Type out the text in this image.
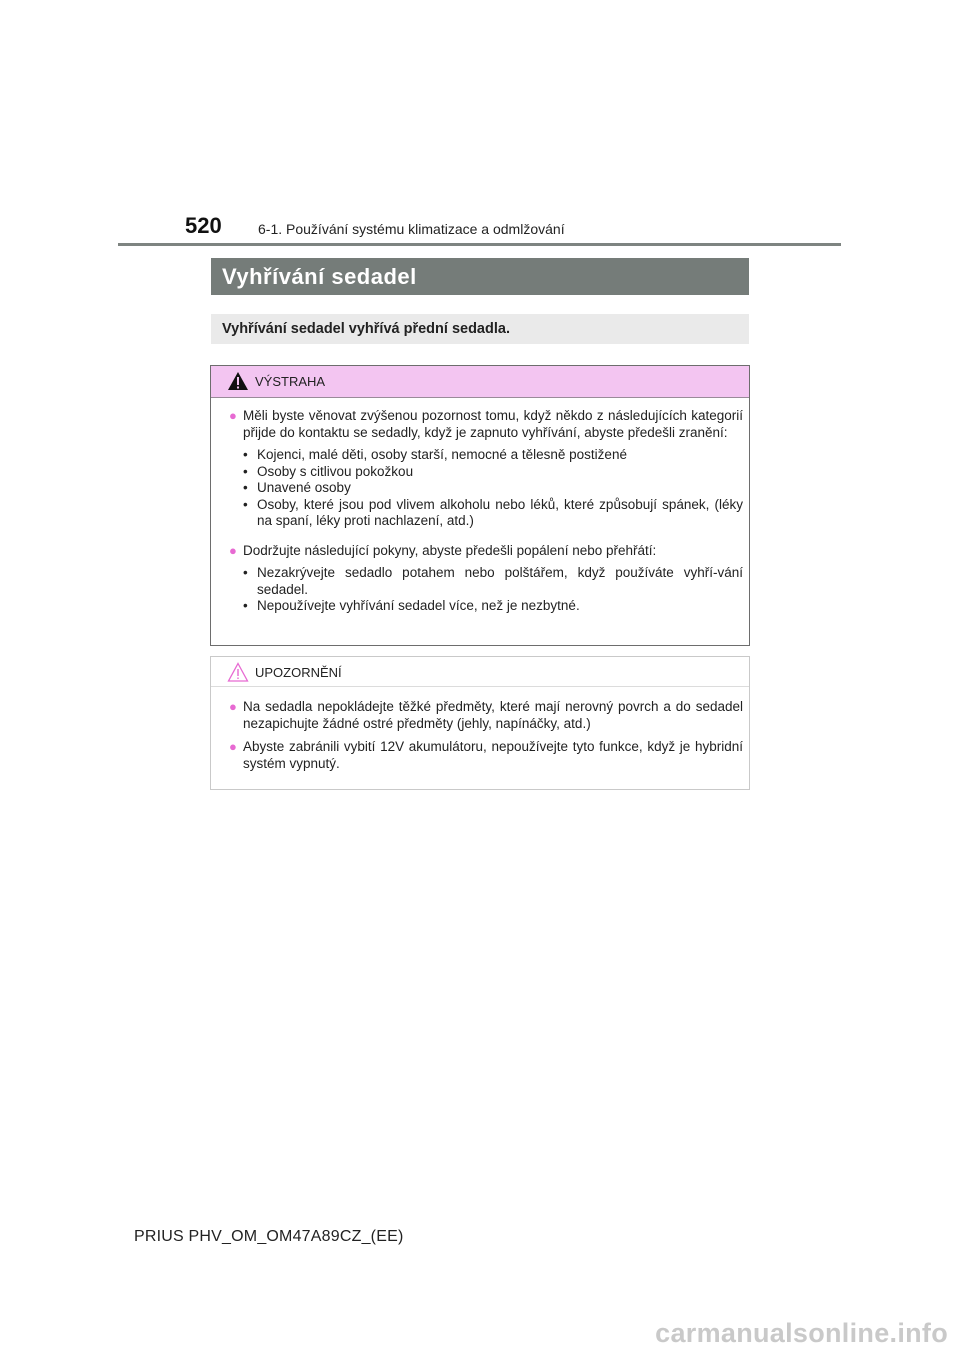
520	6-1. Používání systému klimatizace a odmlžování
Vyhřívání sedadel
Vyhřívání sedadel vyhřívá přední sedadla.
VÝSTRAHA
● Měli byste věnovat zvýšenou pozornost tomu, když někdo z následujících kategorií přijde do kontaktu se sedadly, když je zapnuto vyhřívání, abyste předešli zranění:
• Kojenci, malé děti, osoby starší, nemocné a tělesně postižené
• Osoby s citlivou pokožkou
• Unavené osoby
• Osoby, které jsou pod vlivem alkoholu nebo léků, které způsobují spánek, (léky na spaní, léky proti nachlazení, atd.)
● Dodržujte následující pokyny, abyste předešli popálení nebo přehřátí:
• Nezakrývejte sedadlo potahem nebo polštářem, když používáte vyhří-vání sedadel.
• Nepoužívejte vyhřívání sedadel více, než je nezbytné.
UPOZORNĚNÍ
● Na sedadla nepokládejte těžké předměty, které mají nerovný povrch a do sedadel nezapichujte žádné ostré předměty (jehly, napínáčky, atd.)
● Abyste zabránili vybití 12V akumulátoru, nepoužívejte tyto funkce, když je hybridní systém vypnutý.
PRIUS PHV_OM_OM47A89CZ_(EE)
carmanualsonline.info
